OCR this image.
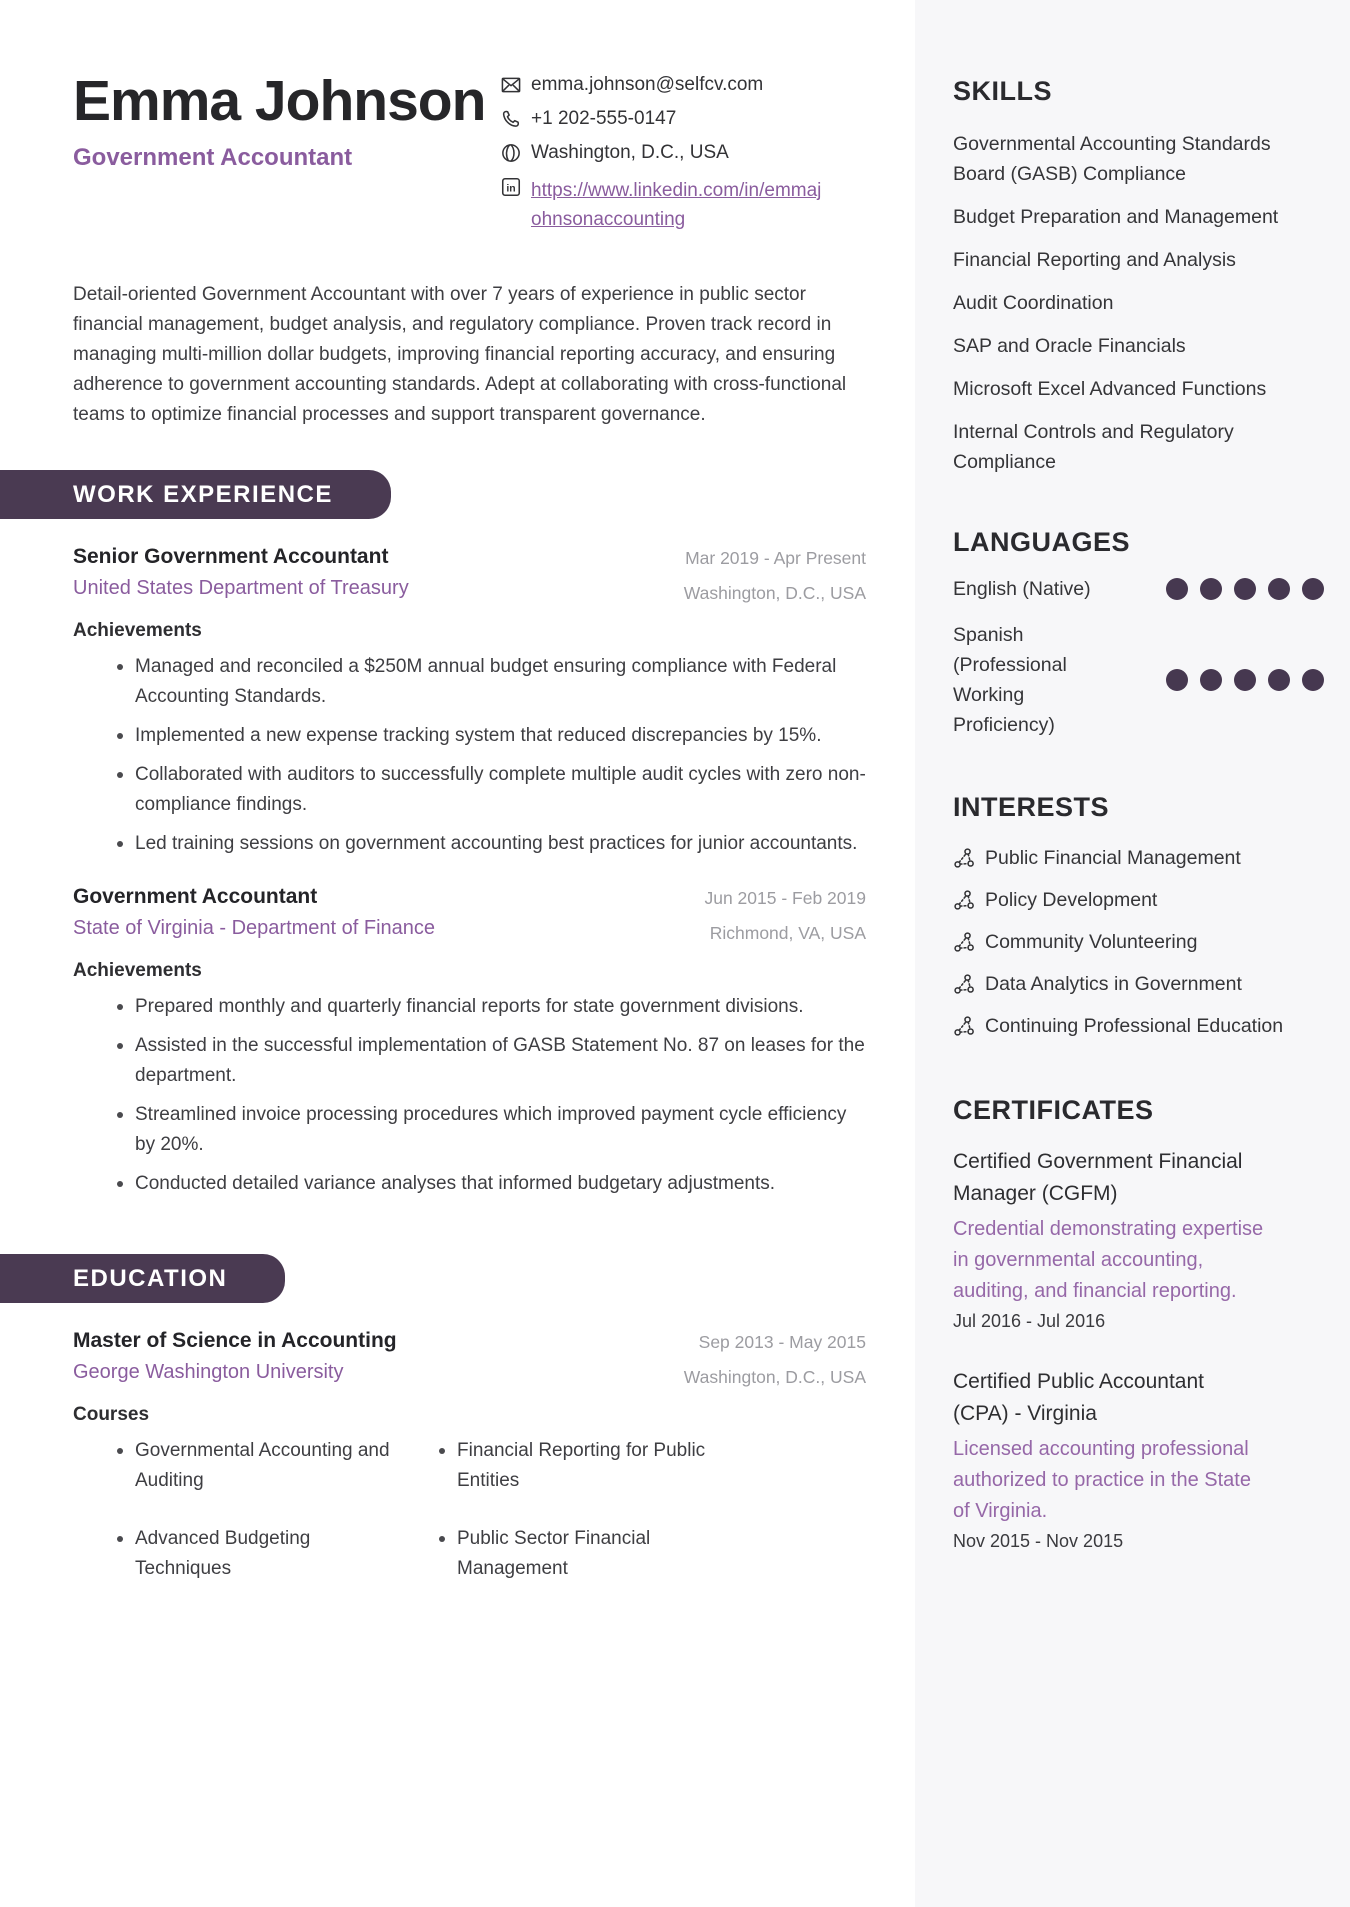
Emma Johnson
Government Accountant
emma.johnson@selfcv.com
+1 202-555-0147
Washington, D.C., USA
in https://www.linkedin.com/in/emmajohnsonaccounting

Detail-oriented Government Accountant with over 7 years of experience in public sector financial management, budget analysis, and regulatory compliance. Proven track record in managing multi-million dollar budgets, improving financial reporting accuracy, and ensuring adherence to government accounting standards. Adept at collaborating with cross-functional teams to optimize financial processes and support transparent governance.

WORK EXPERIENCE
Senior Government Accountant
United States Department of Treasury
Mar 2019 - Apr Present
Washington, D.C., USA
Achievements
Managed and reconciled a $250M annual budget ensuring compliance with Federal Accounting Standards.
Implemented a new expense tracking system that reduced discrepancies by 15%.
Collaborated with auditors to successfully complete multiple audit cycles with zero non-compliance findings.
Led training sessions on government accounting best practices for junior accountants.
Government Accountant
State of Virginia - Department of Finance
Jun 2015 - Feb 2019
Richmond, VA, USA
Achievements
Prepared monthly and quarterly financial reports for state government divisions.
Assisted in the successful implementation of GASB Statement No. 87 on leases for the department.
Streamlined invoice processing procedures which improved payment cycle efficiency by 20%.
Conducted detailed variance analyses that informed budgetary adjustments.
EDUCATION
Master of Science in Accounting
George Washington University
Sep 2013 - May 2015
Washington, D.C., USA
Courses
Governmental Accounting and Auditing
Advanced Budgeting Techniques
Financial Reporting for Public Entities
Public Sector Financial Management
SKILLS
Governmental Accounting Standards Board (GASB) Compliance
Budget Preparation and Management
Financial Reporting and Analysis
Audit Coordination
SAP and Oracle Financials
Microsoft Excel Advanced Functions
Internal Controls and Regulatory Compliance
LANGUAGES
English (Native)
Spanish (Professional Working Proficiency)
INTERESTS
Public Financial Management
Policy Development
Community Volunteering
Data Analytics in Government
Continuing Professional Education
CERTIFICATES
Certified Government Financial Manager (CGFM)
Credential demonstrating expertise in governmental accounting, auditing, and financial reporting.
Jul 2016 - Jul 2016
Certified Public Accountant (CPA) - Virginia
Licensed accounting professional authorized to practice in the State of Virginia.
Nov 2015 - Nov 2015
